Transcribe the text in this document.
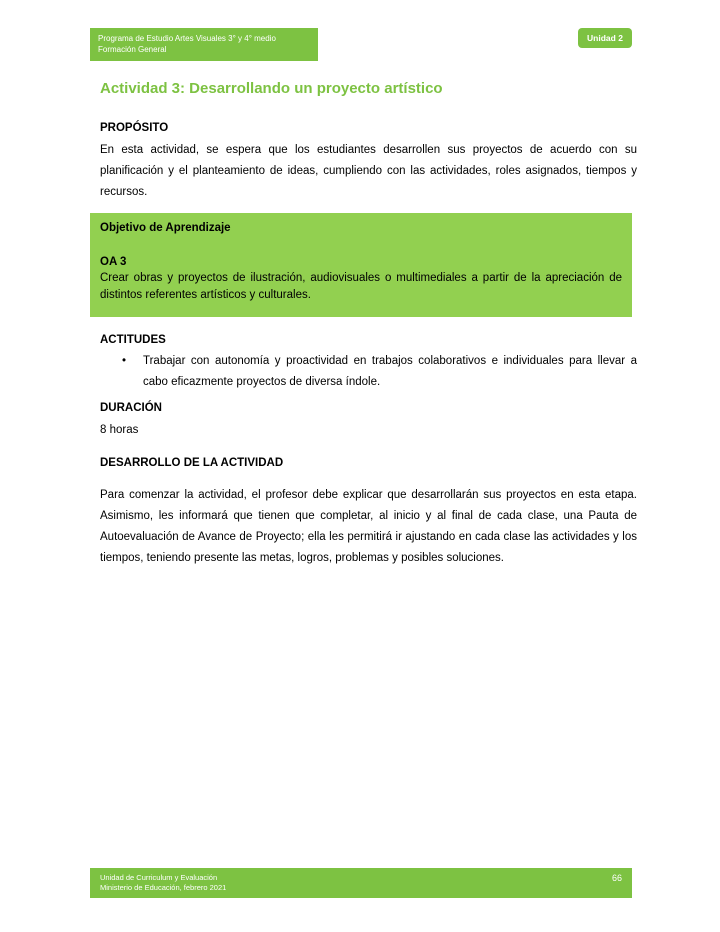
Programa de Estudio Artes Visuales 3° y 4° medio
Formación General
Unidad 2
Actividad 3: Desarrollando un proyecto artístico
PROPÓSITO
En esta actividad, se espera que los estudiantes desarrollen sus proyectos de acuerdo con su planificación y el planteamiento de ideas, cumpliendo con las actividades, roles asignados, tiempos y recursos.
Objetivo de Aprendizaje
OA 3
Crear obras y proyectos de ilustración, audiovisuales o multimediales a partir de la apreciación de distintos referentes artísticos y culturales.
ACTITUDES
•	Trabajar con autonomía y proactividad en trabajos colaborativos e individuales para llevar a cabo eficazmente proyectos de diversa índole.
DURACIÓN
8 horas
DESARROLLO DE LA ACTIVIDAD
Para comenzar la actividad, el profesor debe explicar que desarrollarán sus proyectos en esta etapa. Asimismo, les informará que tienen que completar, al inicio y al final de cada clase, una Pauta de Autoevaluación de Avance de Proyecto; ella les permitirá ir ajustando en cada clase las actividades y los tiempos, teniendo presente las metas, logros, problemas y posibles soluciones.
Unidad de Curriculum y Evaluación
Ministerio de Educación, febrero 2021
66
